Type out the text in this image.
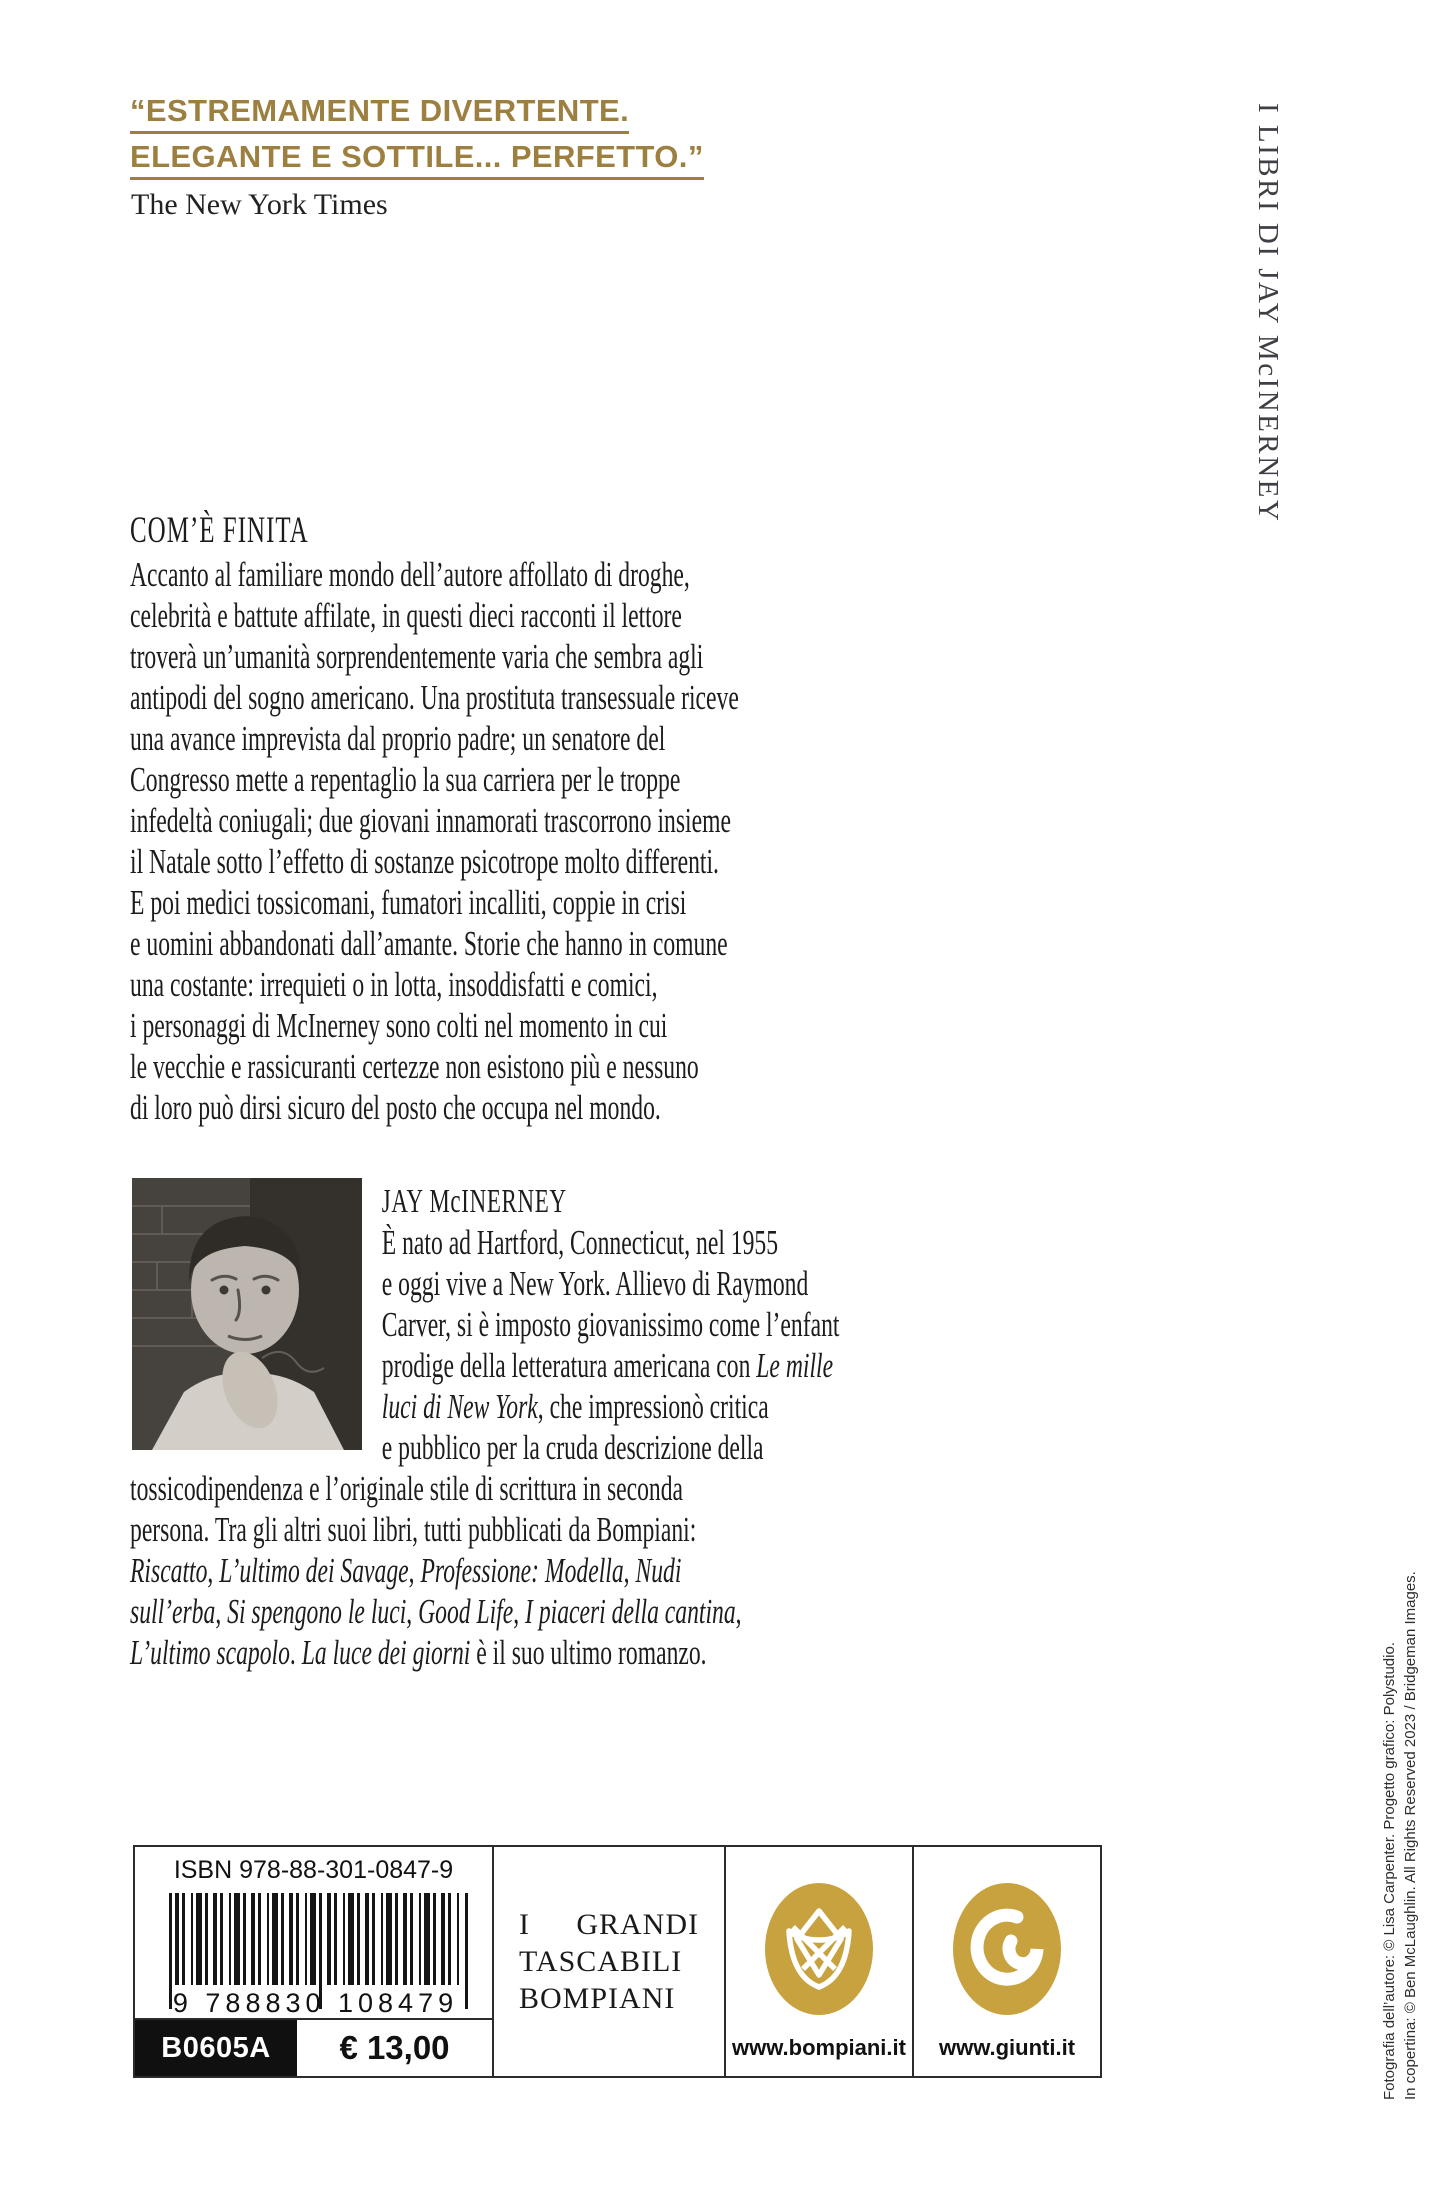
“ESTREMAMENTE DIVERTENTE.
ELEGANTE E SOTTILE... PERFETTO.”
The New York Times	I LIBRI DI JAY McINERNEY
COM’È FINITA
Accanto al familiare mondo dell’autore affollato di droghe,
celebrità e battute affilate, in questi dieci racconti il lettore
troverà un’umanità sorprendentemente varia che sembra agli
antipodi del sogno americano. Una prostituta transessuale riceve
una avance imprevista dal proprio padre; un senatore del
Congresso mette a repentaglio la sua carriera per le troppe
infedeltà coniugali; due giovani innamorati trascorrono insieme
il Natale sotto l’effetto di sostanze psicotrope molto differenti.
E poi medici tossicomani, fumatori incalliti, coppie in crisi
e uomini abbandonati dall’amante. Storie che hanno in comune
una costante: irrequieti o in lotta, insoddisfatti e comici,
i personaggi di McInerney sono colti nel momento in cui
le vecchie e rassicuranti certezze non esistono più e nessuno
di loro può dirsi sicuro del posto che occupa nel mondo.
JAY McINERNEY
È nato ad Hartford, Connecticut, nel 1955
e oggi vive a New York. Allievo di Raymond
Carver, si è imposto giovanissimo come l’enfant
prodige della letteratura americana con Le mille
luci di New York, che impressionò critica
e pubblico per la cruda descrizione della
tossicodipendenza e l’originale stile di scrittura in seconda
persona. Tra gli altri suoi libri, tutti pubblicati da Bompiani:
Riscatto, L’ultimo dei Savage, Professione: Modella, Nudi
sull’erba, Si spengono le luci, Good Life, I piaceri della cantina,
L’ultimo scapolo. La luce dei giorni è il suo ultimo romanzo.
ISBN 978-88-301-0847-9
9 788830 108479
B0605A	€ 13,00
I GRANDI
TASCABILI
BOMPIANI
www.bompiani.it	www.giunti.it	Fotografia dell’autore: © Lisa Carpenter. Progetto grafico: Polystudio. In copertina: © Ben McLaughlin. All Rights Reserved 2023 / Bridgeman Images.
